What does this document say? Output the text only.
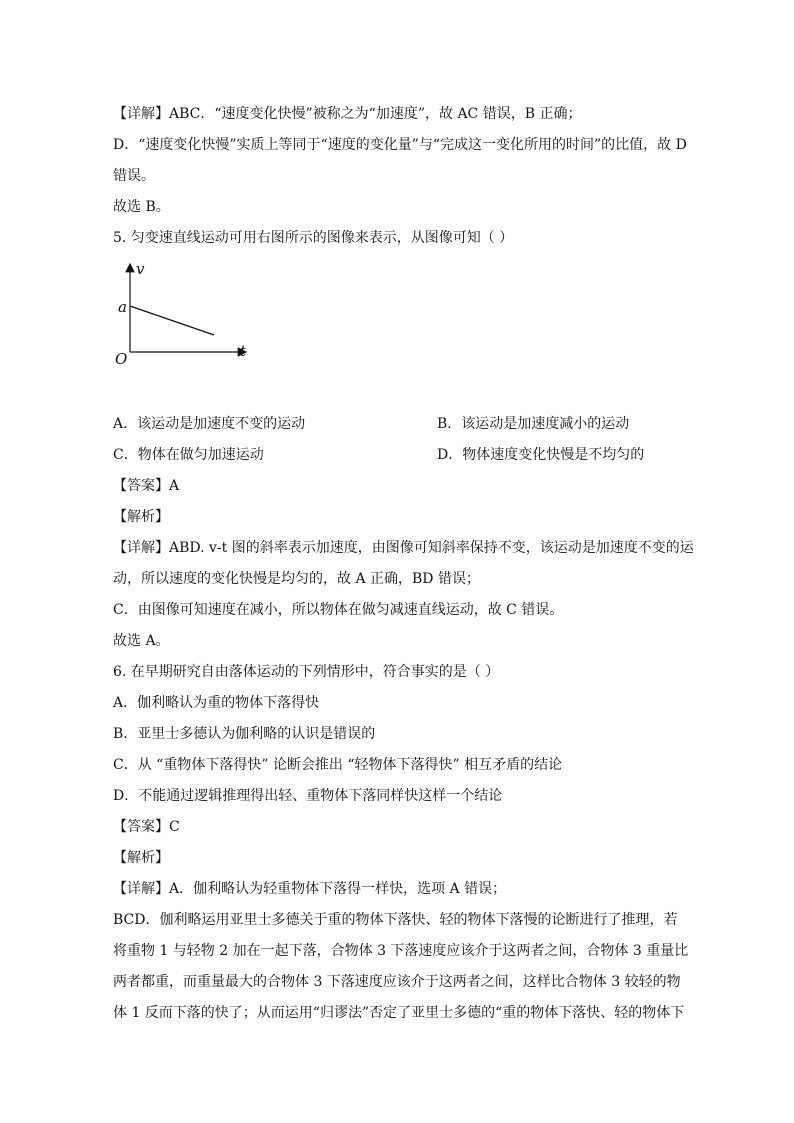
【详解】ABC．“速度变化快慢”被称之为“加速度”，故 AC 错误，B 正确；
D．“速度变化快慢”实质上等同于“速度的变化量”与“完成这一变化所用的时间”的比值，故 D
错误。
故选 B。
5. 匀变速直线运动可用右图所示的图像来表示，从图像可知（ ）
v
t
O
a
A．该运动是加速度不变的运动	B．该运动是加速度减小的运动
C．物体在做匀加速运动	D．物体速度变化快慢是不均匀的
【答案】A
【解析】
【详解】ABD. v-t 图的斜率表示加速度，由图像可知斜率保持不变，该运动是加速度不变的运
动，所以速度的变化快慢是均匀的，故 A 正确，BD 错误；
C．由图像可知速度在减小，所以物体在做匀减速直线运动，故 C 错误。
故选 A。
6. 在早期研究自由落体运动的下列情形中，符合事实的是（ ）
A．伽利略认为重的物体下落得快
B．亚里士多德认为伽利略的认识是错误的
C．从 “重物体下落得快” 论断会推出 “轻物体下落得快” 相互矛盾的结论
D．不能通过逻辑推理得出轻、重物体下落同样快这样一个结论
【答案】C
【解析】
【详解】A．伽利略认为轻重物体下落得一样快，选项 A 错误；
BCD．伽利略运用亚里士多德关于重的物体下落快、轻的物体下落慢的论断进行了推理，若
将重物 1 与轻物 2 加在一起下落，合物体 3 下落速度应该介于这两者之间，合物体 3 重量比
两者都重，而重量最大的合物体 3 下落速度应该介于这两者之间，这样比合物体 3 较轻的物
体 1 反而下落的快了；从而运用“归谬法”否定了亚里士多德的“重的物体下落快、轻的物体下
